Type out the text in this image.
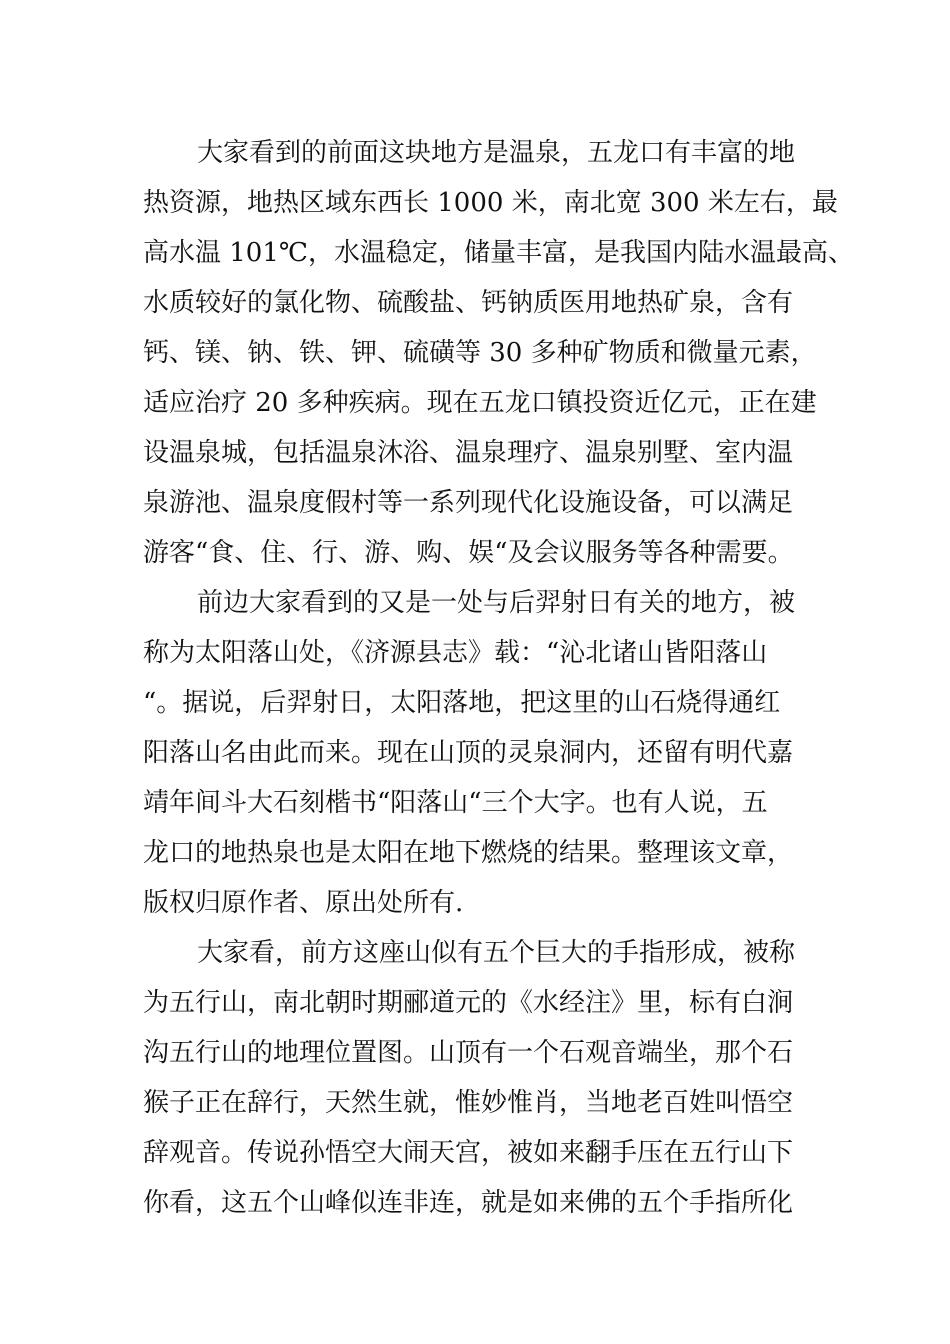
大家看到的前面这块地方是温泉，五龙口有丰富的地
热资源，地热区域东西长 1000 米，南北宽 300 米左右，最
高水温 101℃，水温稳定，储量丰富，是我国内陆水温最高、
水质较好的氯化物、硫酸盐、钙钠质医用地热矿泉，含有
钙、镁、钠、铁、钾、硫磺等 30 多种矿物质和微量元素，
适应治疗 20 多种疾病。现在五龙口镇投资近亿元，正在建
设温泉城，包括温泉沐浴、温泉理疗、温泉别墅、室内温
泉游池、温泉度假村等一系列现代化设施设备，可以满足
游客“食、住、行、游、购、娱“及会议服务等各种需要。
前边大家看到的又是一处与后羿射日有关的地方，被
称为太阳落山处，《济源县志》载：“沁北诸山皆阳落山
“。据说，后羿射日，太阳落地，把这里的山石烧得通红
阳落山名由此而来。现在山顶的灵泉洞内，还留有明代嘉
靖年间斗大石刻楷书“阳落山“三个大字。也有人说，五
龙口的地热泉也是太阳在地下燃烧的结果。整理该文章，
版权归原作者、原出处所有.
大家看，前方这座山似有五个巨大的手指形成，被称
为五行山，南北朝时期郦道元的《水经注》里，标有白涧
沟五行山的地理位置图。山顶有一个石观音端坐，那个石
猴子正在辞行，天然生就，惟妙惟肖，当地老百姓叫悟空
辞观音。传说孙悟空大闹天宫，被如来翻手压在五行山下
你看，这五个山峰似连非连，就是如来佛的五个手指所化
